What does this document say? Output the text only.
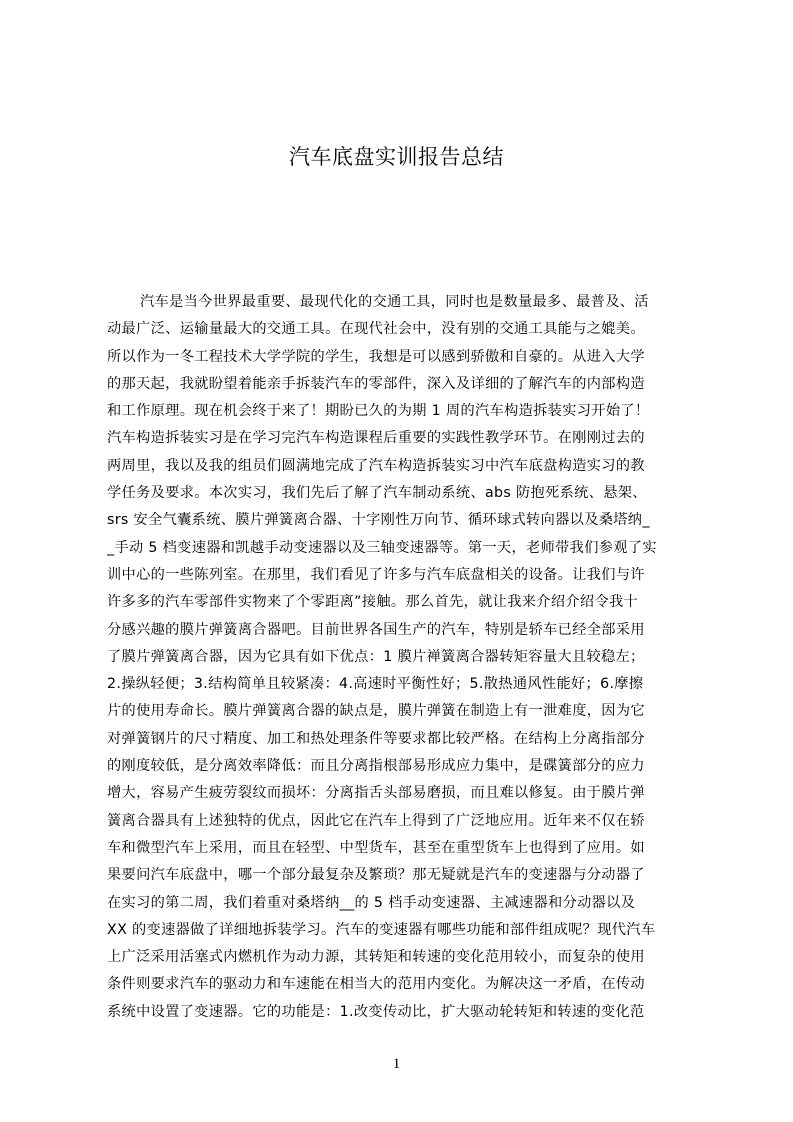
汽车底盘实训报告总结
汽车是当今世界最重要、最现代化的交通工具，同时也是数量最多、最普及、活
动最广泛、运输量最大的交通工具。在现代社会中，没有别的交通工具能与之媲美。
所以作为一冬工程技术大学学院的学生，我想是可以感到骄傲和自豪的。从进入大学
的那天起，我就盼望着能亲手拆装汽车的零部件，深入及详细的了解汽车的内部构造
和工作原理。现在机会终于来了！期盼已久的为期 1 周的汽车构造拆装实习开始了！
汽车构造拆装实习是在学习完汽车构造课程后重要的实践性教学环节。在刚刚过去的
两周里，我以及我的组员们圆满地完成了汽车构造拆装实习中汽车底盘构造实习的教
学任务及要求。本次实习，我们先后了解了汽车制动系统、abs 防抱死系统、悬架、
srs 安全气囊系统、膜片弹簧离合器、十字刚性万向节、循环球式转向器以及桑塔纳_
_手动 5 档变速器和凯越手动变速器以及三轴变速器等。第一天，老师带我们参观了实
训中心的一些陈列室。在那里，我们看见了许多与汽车底盘相关的设备。让我们与许
许多多的汽车零部件实物来了个零距离”接触。那么首先，就让我来介绍介绍令我十
分感兴趣的膜片弹簧离合器吧。目前世界各国生产的汽车，特别是轿车已经全部采用
了膜片弹簧离合器，因为它具有如下优点：1 膜片禅簧离合器转矩容量大且较稳左；
2.操纵轻便；3.结构简单且较紧凑：4.高速时平衡性好；5.散热通风性能好；6.摩擦
片的使用寿命长。膜片弹簧离合器的缺点是，膜片弹簧在制造上有一泄难度，因为它
对弹簧钢片的尺寸精度、加工和热处理条件等要求都比较严格。在结构上分离指部分
的刚度较低，是分离效率降低：而且分离指根部易形成应力集中，是碟簧部分的应力
增大，容易产生疲劳裂纹而损坏：分离指舌头部易磨损，而且难以修复。由于膜片弹
簧离合器具有上述独特的优点，因此它在汽车上得到了广泛地应用。近年来不仅在轿
车和微型汽车上采用，而且在轻型、中型货车，甚至在重型货车上也得到了应用。如
果要问汽车底盘中，哪一个部分最复杂及繁琐？那无疑就是汽车的变速器与分动器了
在实习的第二周，我们着重对桑塔纳__的 5 档手动变速器、主减速器和分动器以及
XX 的变速器做了详细地拆装学习。汽车的变速器有哪些功能和部件组成呢？现代汽车
上广泛采用活塞式内燃机作为动力源，其转矩和转速的变化范用较小，而复杂的使用
条件则要求汽车的驱动力和车速能在相当大的范用内变化。为解决这一矛盾，在传动
系统中设置了变速器。它的功能是：1.改变传动比，扩大驱动轮转矩和转速的变化范
1
